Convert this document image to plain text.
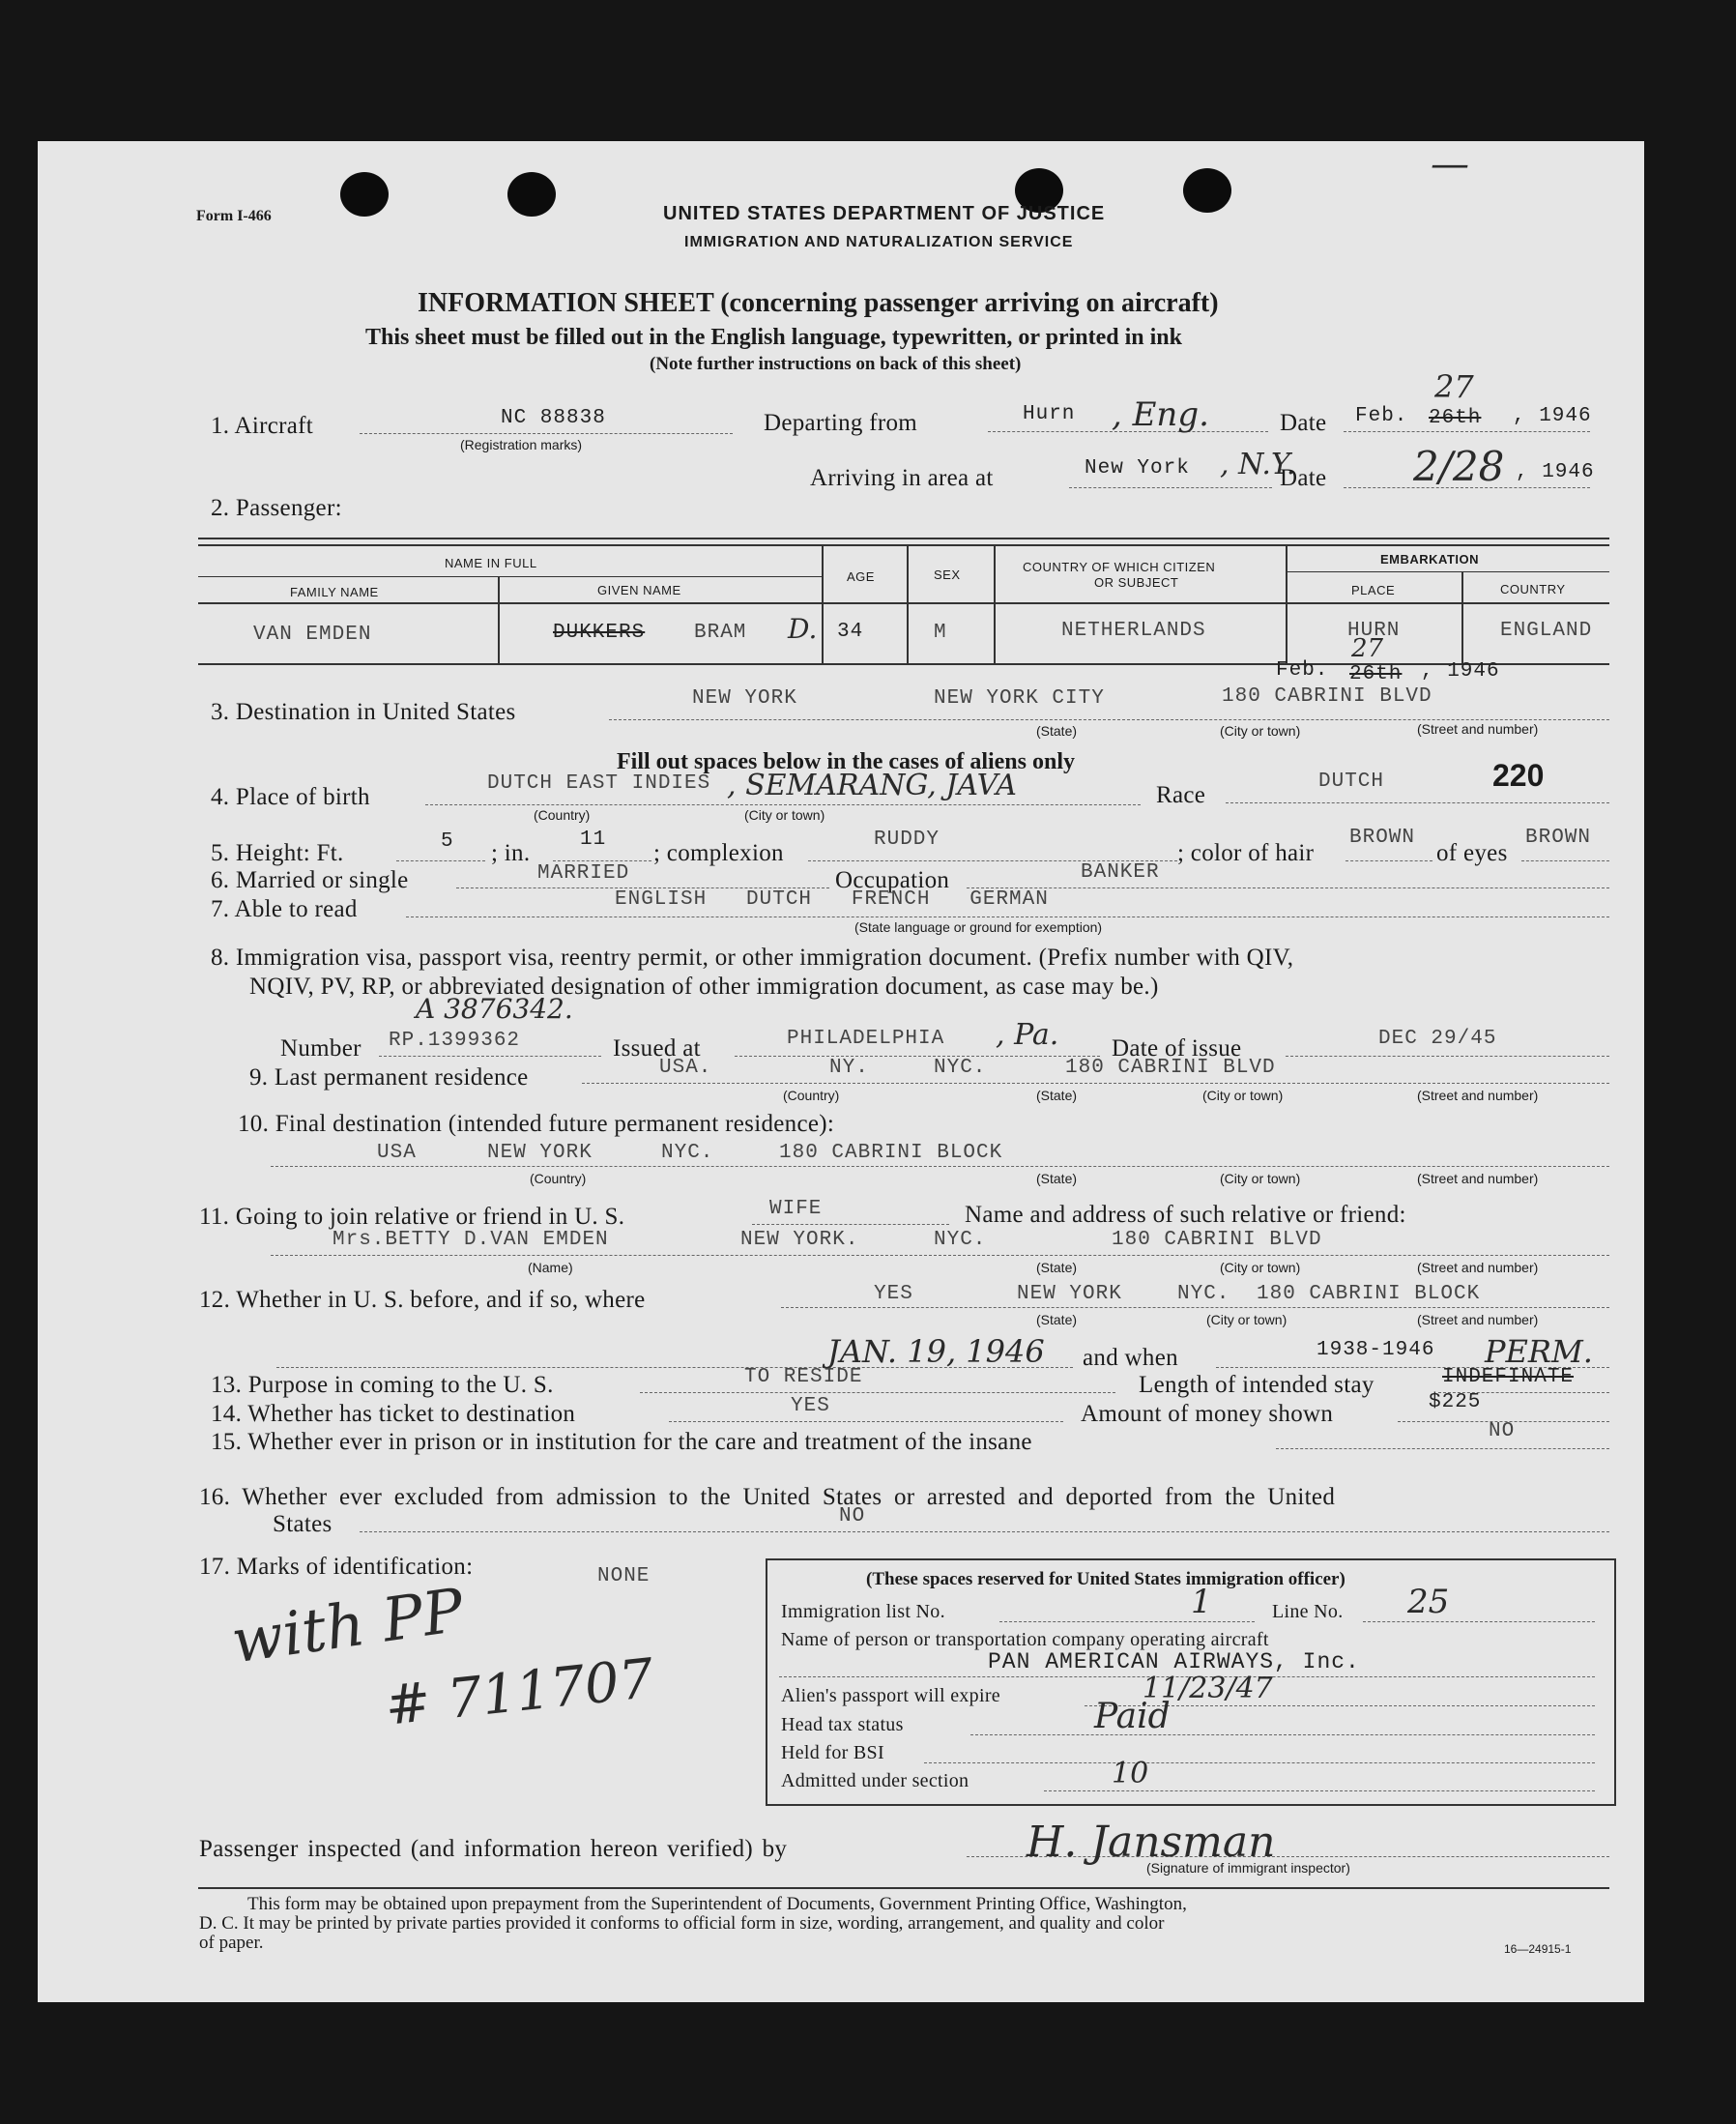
—
Form I-466	UNITED STATES DEPARTMENT OF JUSTICE
IMMIGRATION AND NATURALIZATION SERVICE
INFORMATION SHEET (concerning passenger arriving on aircraft)
This sheet must be filled out in the English language, typewritten, or printed in ink
(Note further instructions on back of this sheet)
1. Aircraft	NC 88838
(Registration marks)
Departing from	Hurn , Eng.	Date Feb. 26th
27
, 1946
Arriving in area at	New York , N.Y.
Date 2/28 , 1946
2. Passenger:
NAME IN FULL
FAMILY NAME	GIVEN NAME
AGE	SEX
COUNTRY OF WHICH CITIZEN
OR SUBJECT
EMBARKATION
PLACE	COUNTRY
VAN EMDEN	DUKKERS BRAM D. 34	M	NETHERLANDS	HURN	ENGLAND
Feb. 26th
27
, 1946
3. Destination in United States
NEW YORK	NEW YORK CITY	180 CABRINI BLVD
(State)	(City or town)	(Street and number)
Fill out spaces below in the cases of aliens only
4. Place of birth
DUTCH EAST INDIES , SEMARANG, JAVA
(Country)	(City or town)
Race
DUTCH	220
5. Height: Ft.	5 ; in.
11
; complexion
RUDDY
; color of hair
BROWN
of eyes
BROWN
6. Married or single	MARRIED	Occupation	BANKER
7. Able to read	ENGLISH   DUTCH   FRENCH   GERMAN
(State language or ground for exemption)
8. Immigration visa, passport visa, reentry permit, or other immigration document. (Prefix number with QIV,
NQIV, PV, RP, or abbreviated designation of other immigration document, as case may be.)
A 3876342.
Number RP.1399362	Issued at	PHILADELPHIA , Pa. Date of issue	DEC 29/45
9. Last permanent residence	USA.	NY.	NYC.	180 CABRINI BLVD
(Country)	(State)	(City or town)	(Street and number)
10. Final destination (intended future permanent residence):
USA	NEW YORK	NYC.	180 CABRINI BLOCK
(Country)	(State)	(City or town)	(Street and number)
11. Going to join relative or friend in U. S.	WIFE	Name and address of such relative or friend:
Mrs.BETTY D.VAN EMDEN	NEW YORK.	NYC.	180 CABRINI BLVD
(Name)	(State)	(City or town)	(Street and number)
12. Whether in U. S. before, and if so, where	YES	NEW YORK	NYC. 180 CABRINI BLOCK
(State)	(City or town)	(Street and number)
JAN. 19, 1946 and when	1938-1946
13. Purpose in coming to the U. S.	TO RESIDE	Length of intended stay	INDEFINATE
PERM.
14. Whether has ticket to destination	YES	Amount of money shown	$225
15. Whether ever in prison or in institution for the care and treatment of the insane	NO
16. Whether ever excluded from admission to the United States or arrested and deported from the United
States	NO
17. Marks of identification:	NONE
with PP
# 711707
(These spaces reserved for United States immigration officer)
Immigration list No.	1	Line No. 25
Name of person or transportation company operating aircraft
PAN AMERICAN AIRWAYS, Inc.
Alien's passport will expire	11/23/47
Head tax status	Paid
Held for BSI
Admitted under section	10
Passenger inspected (and information hereon verified) by	H. Jansman
(Signature of immigrant inspector)
This form may be obtained upon prepayment from the Superintendent of Documents, Government Printing Office, Washington,
D. C. It may be printed by private parties provided it conforms to official form in size, wording, arrangement, and quality and color
of paper.	16—24915-1
